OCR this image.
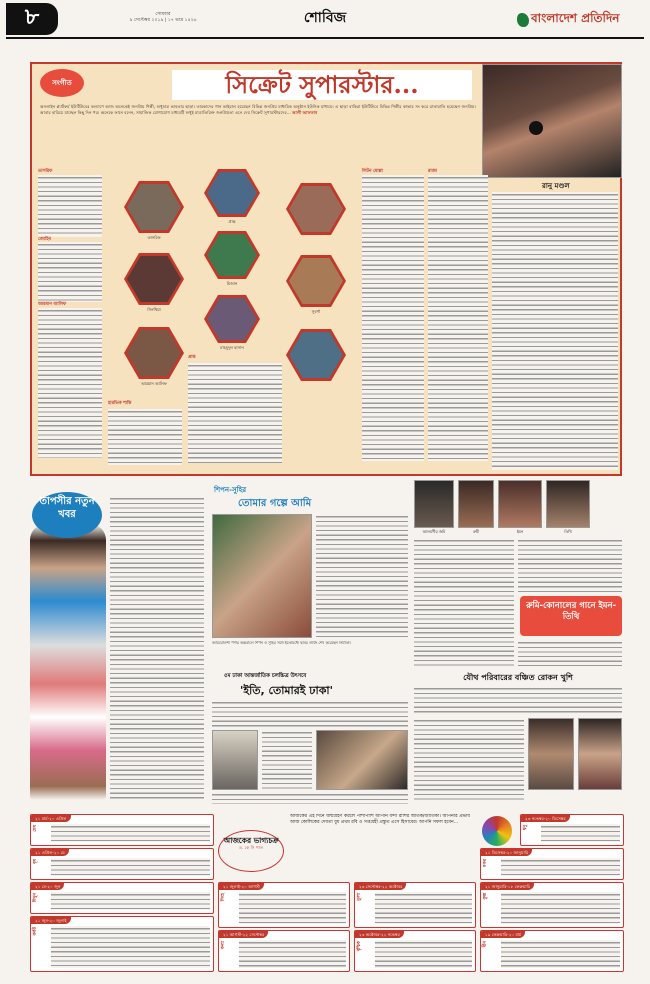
৮	সোমবার
৯ সেপ্টেম্বর ২০১৯ | ১৭ ভাদ্র ১৪২৬	শোবিজ	বাংলাদেশ প্রতিদিন
সংগীত	সিক্রেট সুপারস্টার...
অনলাইন প্ল্যাটফর্ম ইউটিউবের কল্যাণে আজ অনেকেই জনপ্রিয় শিল্পী, শুধুমাত্র ভাবতার ছাড়া। তারকাদের গান ভাইরাল হয়েছেন বিভিন্ন জনপ্রিয় মাধ্যমিক অনুষ্ঠান ইউনিক মাধ্যমে। এ ছাড়া বাকিরা ইউটিউবে বিভিন্ন শিল্পীর কাভার সং করে রাতারাতি হয়েছেন জনপ্রিয়। আবার হারিয়ে যাচ্ছেন কিছু দিন পর। অনেকে ফানে বনেন, সামাজিক যোগাযোগ মাধ্যমটি শুধুই মাত্রাতিরিক্ত জনপ্রিয়তা এনে দেয় সিক্রেট সুপারস্টারদের... আলী আফতাব
রানু মণ্ডল
তাসরিফ
জোহিব
আরমান আলিফ
তাসরিফ
প্রান্ত
সিনথিয়া
মিজান
সুবর্ণা
মাহমুদুল হাসান
আরমান আলিফ
হারভিক শান্তি
প্রান্ত
লিটন মোল্লা	রাজা
তাপসীর নতুন খবর
শিপন-সুহির
তোমার গল্পে আমি
ক্যামেরাবন্দী পর্দার অন্তরালে শিপন ও সুহির সঙ্গে ইতোমধ্যে ছবির শুটিং শেষ করেছেন নির্মাতা।
৫ম ঢাকা আন্তর্জাতিক চলচ্চিত্র উৎসবে
'ইতি, তোমারই ঢাকা'
আলমগীর জমি	রুমী	ইমন	তিথি
রুমি-কোনালের গানে ইমন-তিথি
যৌথ পরিবারের বঞ্চিত রোকন খুশি
আজকের ভাগ্যচক্র
ড. কে সি পাল
আজকের এই দিনে জন্মগ্রহণ করলে পাশাপাশি আপনি বন্দা রাশির জাতক/জাতিকা। আপনার প্রভাব আজ কোলিকের দেবতা বুধ প্রথম রবি ও সপ্তগ্রহী প্রস্তুত এসে হিসাবের। আপনি সফল হবেন...
২১ মার্চ-২০ এপ্রিল
মেষ
২১ এপ্রিল-২০ মে
বৃষ
২১ মে-২০ জুন
মিথুন
২১ জুন-২০ জুলাই
কর্কট
২১ জুলাই-২০ আগস্ট
সিংহ
২১ আগস্ট-২২ সেপ্টেম্বর
কন্যা
২৩ সেপ্টেম্বর-২২ অক্টোবর
তুলা
২৩ অক্টোবর-২২ নভেম্বর
বৃশ্চিক
২৩ নভেম্বর-২০ ডিসেম্বর
ধনু
২১ ডিসেম্বর-২০ জানুয়ারি
মকর
২১ জানুয়ারি-১৮ ফেব্রুয়ারি
কুম্ভ
১৯ ফেব্রুয়ারি-২০ মার্চ
মীন
